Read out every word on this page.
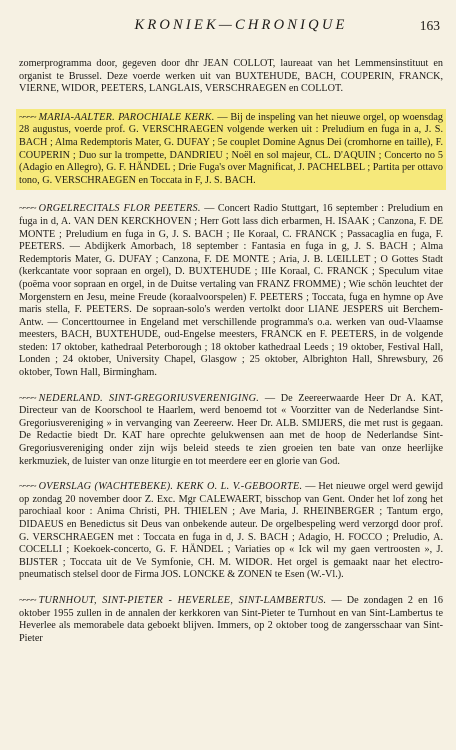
KRONIEK—CHRONIQUE	163

zomerprogramma door, gegeven door dhr JEAN COLLOT, laureaat van het Lemmensinstituut en organist te Brussel. Deze voerde werken uit van BUXTEHUDE, BACH, COUPERIN, FRANCK, VIERNE, WIDOR, PEETERS, LANGLAIS, VERSCHRAEGEN en COLLOT.

~~~~ MARIA-AALTER. PAROCHIALE KERK. — Bij de inspeling van het nieuwe orgel, op woensdag 28 augustus, voerde prof. G. VERSCHRAEGEN volgende werken uit : Preludium en fuga in a, J. S. BACH ; Alma Redemptoris Mater, G. DUFAY ; 5e couplet Domine Agnus Dei (cromhorne en taille), F. COUPERIN ; Duo sur la trompette, DANDRIEU ; Noël en sol majeur, CL. D'AQUIN ; Concerto no 5 (Adagio en Allegro), G. F. HÄNDEL ; Drie Fuga's over Magnificat, J. PACHELBEL ; Partita per ottavo tono, G. VERSCHRAEGEN en Toccata in F, J. S. BACH.

~~~~ ORGELRECITALS FLOR PEETERS. — Concert Radio Stuttgart, 16 september : Preludium en fuga in d, A. VAN DEN KERCKHOVEN ; Herr Gott lass dich erbarmen, H. ISAAK ; Canzona, F. DE MONTE ; Preludium en fuga in G, J. S. BACH ; IIe Koraal, C. FRANCK ; Passacaglia en fuga, F. PEETERS. — Abdijkerk Amorbach, 18 september : Fantasia en fuga in g, J. S. BACH ; Alma Redemptoris Mater, G. DUFAY ; Canzona, F. DE MONTE ; Aria, J. B. LŒILLET ; O Gottes Stadt (kerkcantate voor sopraan en orgel), D. BUXTEHUDE ; IIIe Koraal, C. FRANCK ; Speculum vitae (poëma voor sopraan en orgel, in de Duitse vertaling van FRANZ FROMME) ; Wie schön leuchtet der Morgenstern en Jesu, meine Freude (koraalvoorspelen) F. PEETERS ; Toccata, fuga en hymne op Ave maris stella, F. PEETERS. De sopraan-solo's werden vertolkt door LIANE JESPERS uit Berchem-Antw. — Concerttournee in Engeland met verschillende programma's o.a. werken van oud-Vlaamse meesters, BACH, BUXTEHUDE, oud-Engelse meesters, FRANCK en F. PEETERS, in de volgende steden: 17 oktober, kathedraal Peterborough ; 18 oktober kathedraal Leeds ; 19 oktober, Festival Hall, Londen ; 24 oktober, University Chapel, Glasgow ; 25 oktober, Albrighton Hall, Shrewsbury, 26 oktober, Town Hall, Birmingham.

~~~~ NEDERLAND. SINT-GREGORIUSVERENIGING. — De Zeereerwaarde Heer Dr A. KAT, Directeur van de Koorschool te Haarlem, werd benoemd tot « Voorzitter van de Nederlandse Sint-Gregoriusvereniging » in vervanging van Zeereerw. Heer Dr. ALB. SMIJERS, die met rust is gegaan. De Redactie biedt Dr. KAT hare oprechte gelukwensen aan met de hoop de Nederlandse Sint-Gregoriusvereniging onder zijn wijs beleid steeds te zien groeien ten bate van onze heerlijke kerkmuziek, de luister van onze liturgie en tot meerdere eer en glorie van God.

~~~~ OVERSLAG (WACHTEBEKE). KERK O. L. V.-GEBOORTE. — Het nieuwe orgel werd gewijd op zondag 20 november door Z. Exc. Mgr CALEWAERT, bisschop van Gent. Onder het lof zong het parochiaal koor : Anima Christi, PH. THIELEN ; Ave Maria, J. RHEINBERGER ; Tantum ergo, DIDAEUS en Benedictus sit Deus van onbekende auteur. De orgelbespeling werd verzorgd door prof. G. VERSCHRAEGEN met : Toccata en fuga in d, J. S. BACH ; Adagio, H. FOCCO ; Preludio, A. COCELLI ; Koekoek-concerto, G. F. HÄNDEL ; Variaties op « Ick wil my gaen vertroosten », J. BIJSTER ; Toccata uit de Ve Symfonie, CH. M. WIDOR. Het orgel is gemaakt naar het electro-pneumatisch stelsel door de Firma JOS. LONCKE & ZONEN te Esen (W.-Vl.).

~~~~ TURNHOUT, SINT-PIETER - HEVERLEE, SINT-LAMBERTUS. — De zondagen 2 en 16 oktober 1955 zullen in de annalen der kerkkoren van Sint-Pieter te Turnhout en van Sint-Lambertus te Heverlee als memorabele data geboekt blijven. Immers, op 2 oktober toog de zangersschaar van Sint-Pieter
